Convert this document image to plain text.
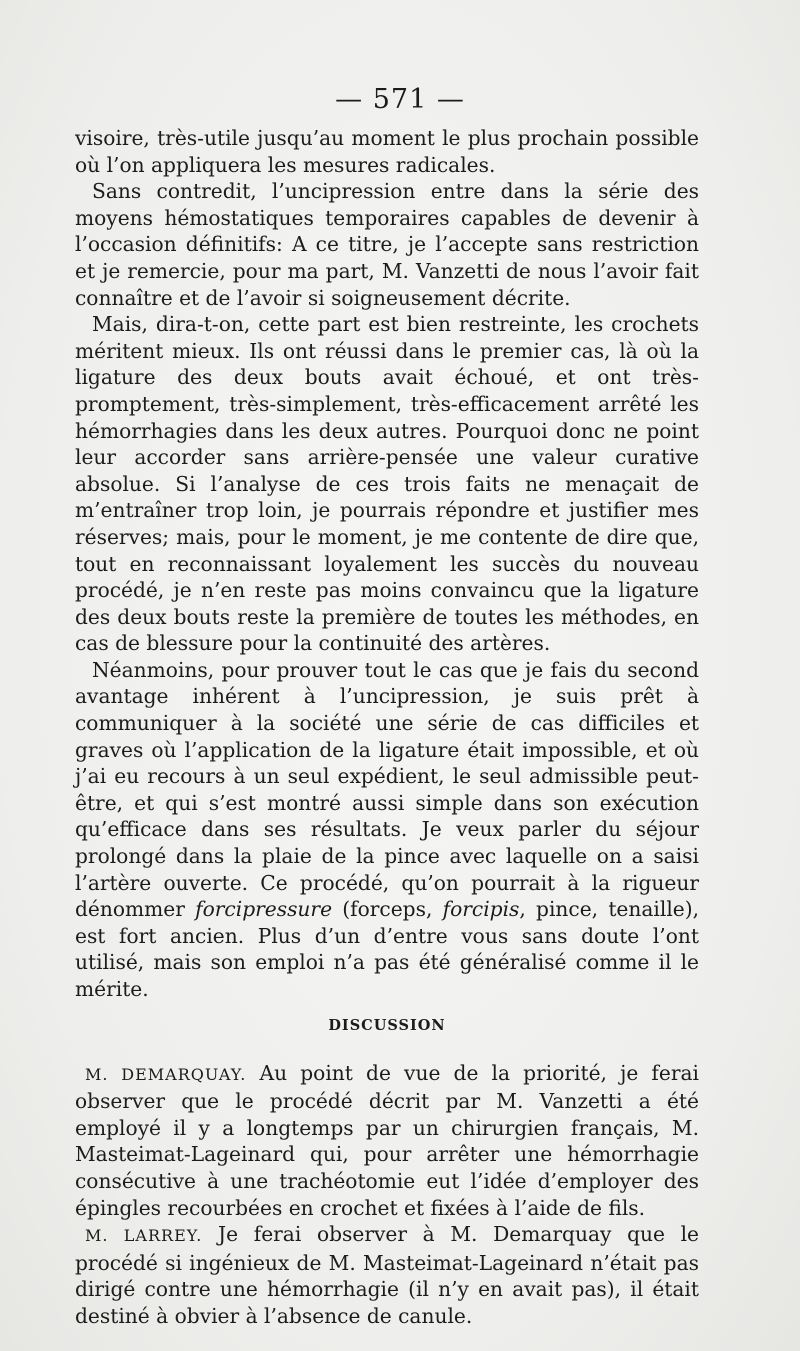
— 571 —

visoire, très-utile jusqu’au moment le plus prochain possible où l’on appliquera les mesures radicales.

Sans contredit, l’uncipression entre dans la série des moyens hémostatiques temporaires capables de devenir à l’occasion définitifs: A ce titre, je l’accepte sans restriction et je remercie, pour ma part, M. Vanzetti de nous l’avoir fait connaître et de l’avoir si soigneusement décrite.

Mais, dira-t-on, cette part est bien restreinte, les crochets méritent mieux. Ils ont réussi dans le premier cas, là où la ligature des deux bouts avait échoué, et ont très-promptement, très-simplement, très-efficacement arrêté les hémorrhagies dans les deux autres. Pourquoi donc ne point leur accorder sans arrière-pensée une valeur curative absolue. Si l’analyse de ces trois faits ne menaçait de m’entraîner trop loin, je pourrais répondre et justifier mes réserves; mais, pour le moment, je me contente de dire que, tout en reconnaissant loyalement les succès du nouveau procédé, je n’en reste pas moins convaincu que la ligature des deux bouts reste la première de toutes les méthodes, en cas de blessure pour la continuité des artères.

Néanmoins, pour prouver tout le cas que je fais du second avantage inhérent à l’uncipression, je suis prêt à communiquer à la société une série de cas difficiles et graves où l’application de la ligature était impossible, et où j’ai eu recours à un seul expédient, le seul admissible peut-être, et qui s’est montré aussi simple dans son exécution qu’efficace dans ses résultats. Je veux parler du séjour prolongé dans la plaie de la pince avec laquelle on a saisi l’artère ouverte. Ce procédé, qu’on pourrait à la rigueur dénommer forcipressure (forceps, forcipis, pince, tenaille), est fort ancien. Plus d’un d’entre vous sans doute l’ont utilisé, mais son emploi n’a pas été généralisé comme il le mérite.

DISCUSSION

M. DEMARQUAY. Au point de vue de la priorité, je ferai observer que le procédé décrit par M. Vanzetti a été employé il y a longtemps par un chirurgien français, M. Masteimat-Lageinard qui, pour arrêter une hémorrhagie consécutive à une trachéotomie eut l’idée d’employer des épingles recourbées en crochet et fixées à l’aide de fils.

M. LARREY. Je ferai observer à M. Demarquay que le procédé si ingénieux de M. Masteimat-Lageinard n’était pas dirigé contre une hémorrhagie (il n’y en avait pas), il était destiné à obvier à l’absence de canule.
